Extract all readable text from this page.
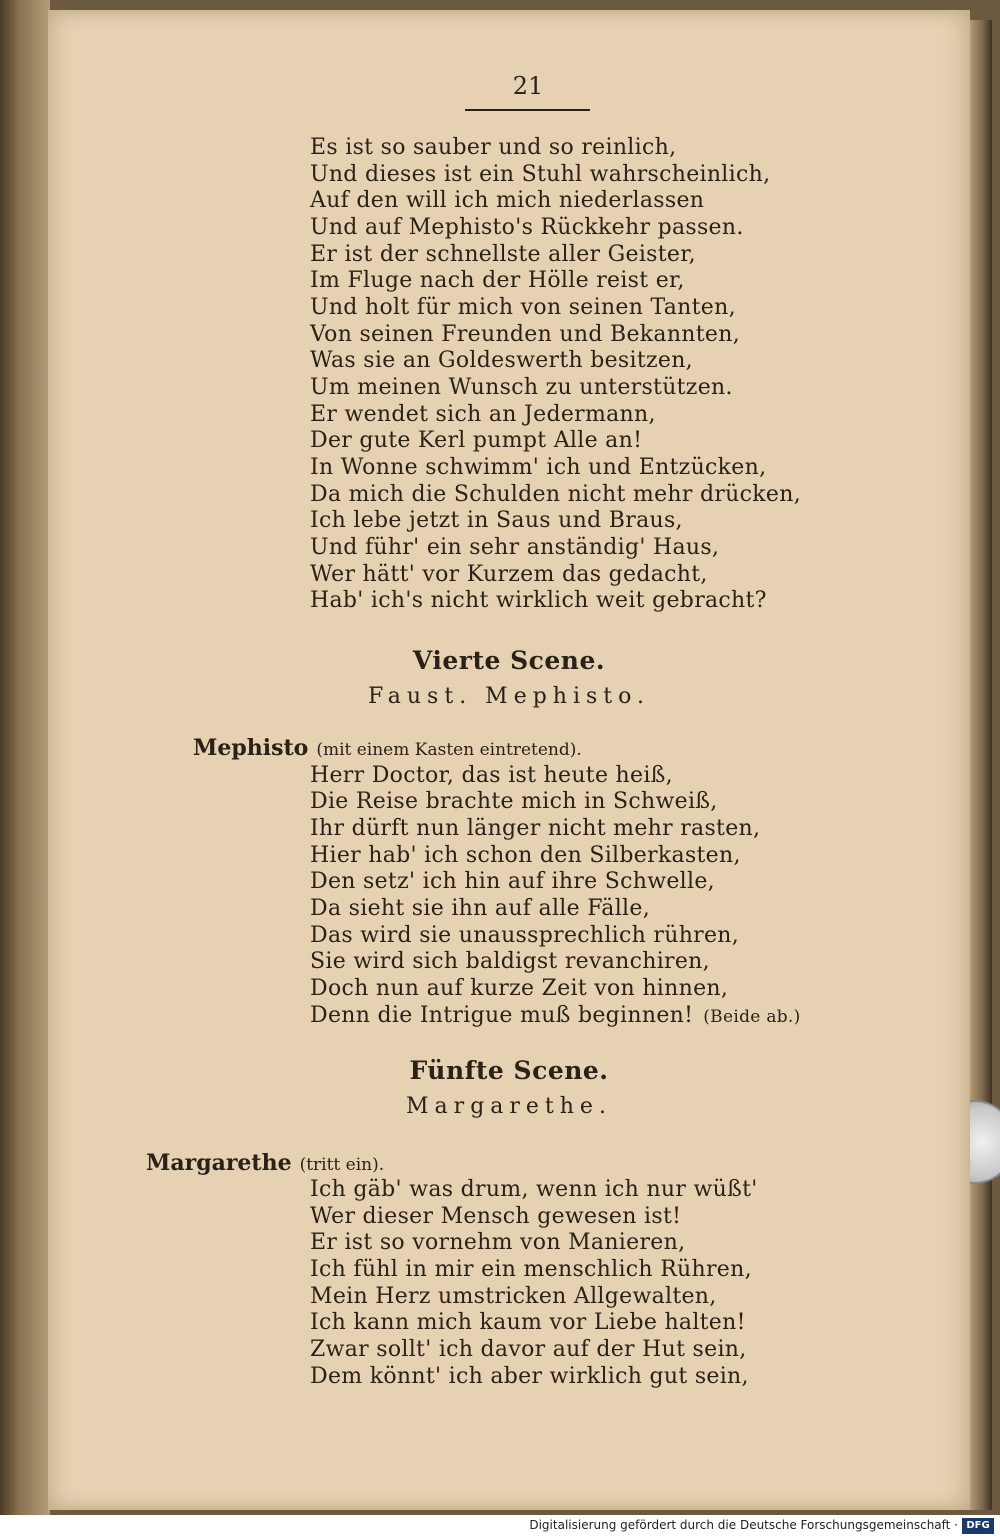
21
Es ist so sauber und so reinlich,
Und dieses ist ein Stuhl wahrscheinlich,
Auf den will ich mich niederlassen
Und auf Mephisto's Rückkehr passen.
Er ist der schnellste aller Geister,
Im Fluge nach der Hölle reist er,
Und holt für mich von seinen Tanten,
Von seinen Freunden und Bekannten,
Was sie an Goldeswerth besitzen,
Um meinen Wunsch zu unterstützen.
Er wendet sich an Jedermann,
Der gute Kerl pumpt Alle an!
In Wonne schwimm' ich und Entzücken,
Da mich die Schulden nicht mehr drücken,
Ich lebe jetzt in Saus und Braus,
Und führ' ein sehr anständig' Haus,
Wer hätt' vor Kurzem das gedacht,
Hab' ich's nicht wirklich weit gebracht?
Vierte Scene.
Faust. Mephisto.
Mephisto (mit einem Kasten eintretend).
Herr Doctor, das ist heute heiß,
Die Reise brachte mich in Schweiß,
Ihr dürft nun länger nicht mehr rasten,
Hier hab' ich schon den Silberkasten,
Den setz' ich hin auf ihre Schwelle,
Da sieht sie ihn auf alle Fälle,
Das wird sie unaussprechlich rühren,
Sie wird sich baldigst revanchiren,
Doch nun auf kurze Zeit von hinnen,
Denn die Intrigue muß beginnen! (Beide ab.)
Fünfte Scene.
Margarethe.
Margarethe (tritt ein).
Ich gäb' was drum, wenn ich nur wüßt'
Wer dieser Mensch gewesen ist!
Er ist so vornehm von Manieren,
Ich fühl in mir ein menschlich Rühren,
Mein Herz umstricken Allgewalten,
Ich kann mich kaum vor Liebe halten!
Zwar sollt' ich davor auf der Hut sein,
Dem könnt' ich aber wirklich gut sein,
Digitalisierung gefördert durch die Deutsche Forschungsgemeinschaft · DFG
